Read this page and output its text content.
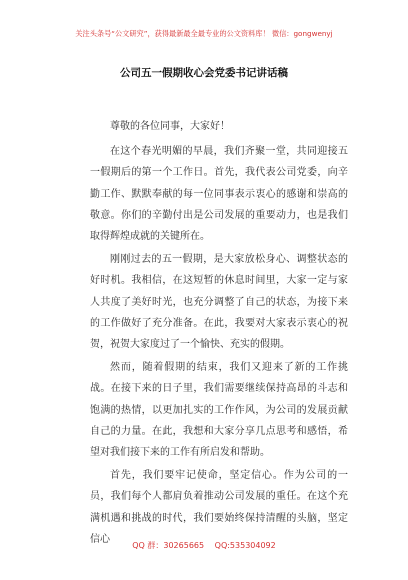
关注头条号“公文研究”，获得最新最全最专业的公文资料库！ 微信：gongwenyj
公司五一假期收心会党委书记讲话稿

尊敬的各位同事，大家好！

在这个春光明媚的早晨，我们齐聚一堂，共同迎接五一假期后的第一个工作日。首先，我代表公司党委，向辛勤工作、默默奉献的每一位同事表示衷心的感谢和崇高的敬意。你们的辛勤付出是公司发展的重要动力，也是我们取得辉煌成就的关键所在。

刚刚过去的五一假期，是大家放松身心、调整状态的好时机。我相信，在这短暂的休息时间里，大家一定与家人共度了美好时光，也充分调整了自己的状态，为接下来的工作做好了充分准备。在此，我要对大家表示衷心的祝贺，祝贺大家度过了一个愉快、充实的假期。

然而，随着假期的结束，我们又迎来了新的工作挑战。在接下来的日子里，我们需要继续保持高昂的斗志和饱满的热情，以更加扎实的工作作风，为公司的发展贡献自己的力量。在此，我想和大家分享几点思考和感悟，希望对我们接下来的工作有所启发和帮助。

首先，我们要牢记使命，坚定信心。作为公司的一员，我们每个人都肩负着推动公司发展的重任。在这个充满机遇和挑战的时代，我们要始终保持清醒的头脑，坚定信心

QQ 群：30265665 QQ:535304092
